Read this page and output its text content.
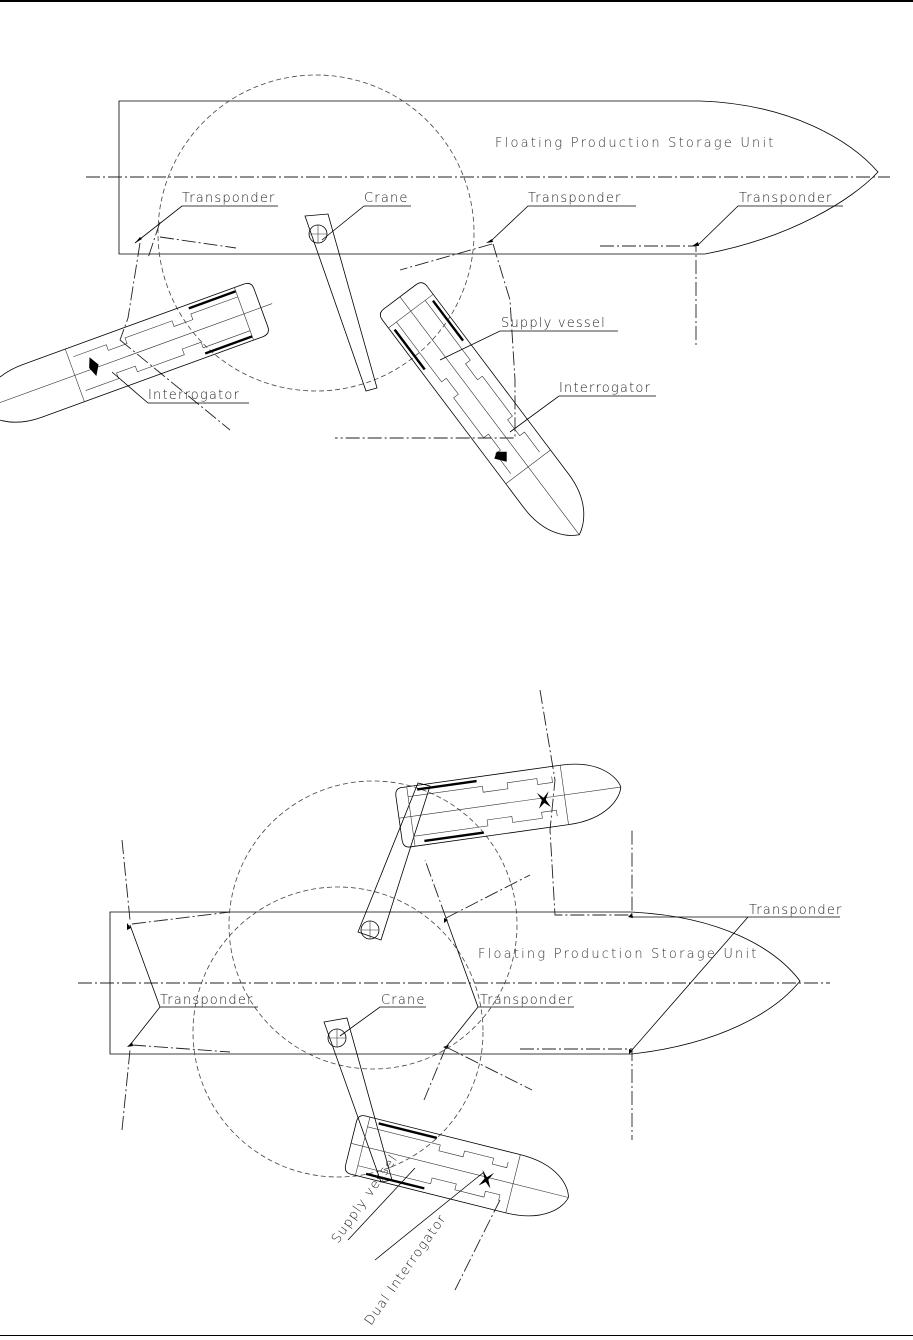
Floating Production Storage Unit
Transponder	Crane	Transponder	Transponder
Supply vessel
Interrogator
Interrogator
Floating Production Storage Unit
Transponder
Transponder	Crane	Transponder
Supply vessel
Dual Interrogator
